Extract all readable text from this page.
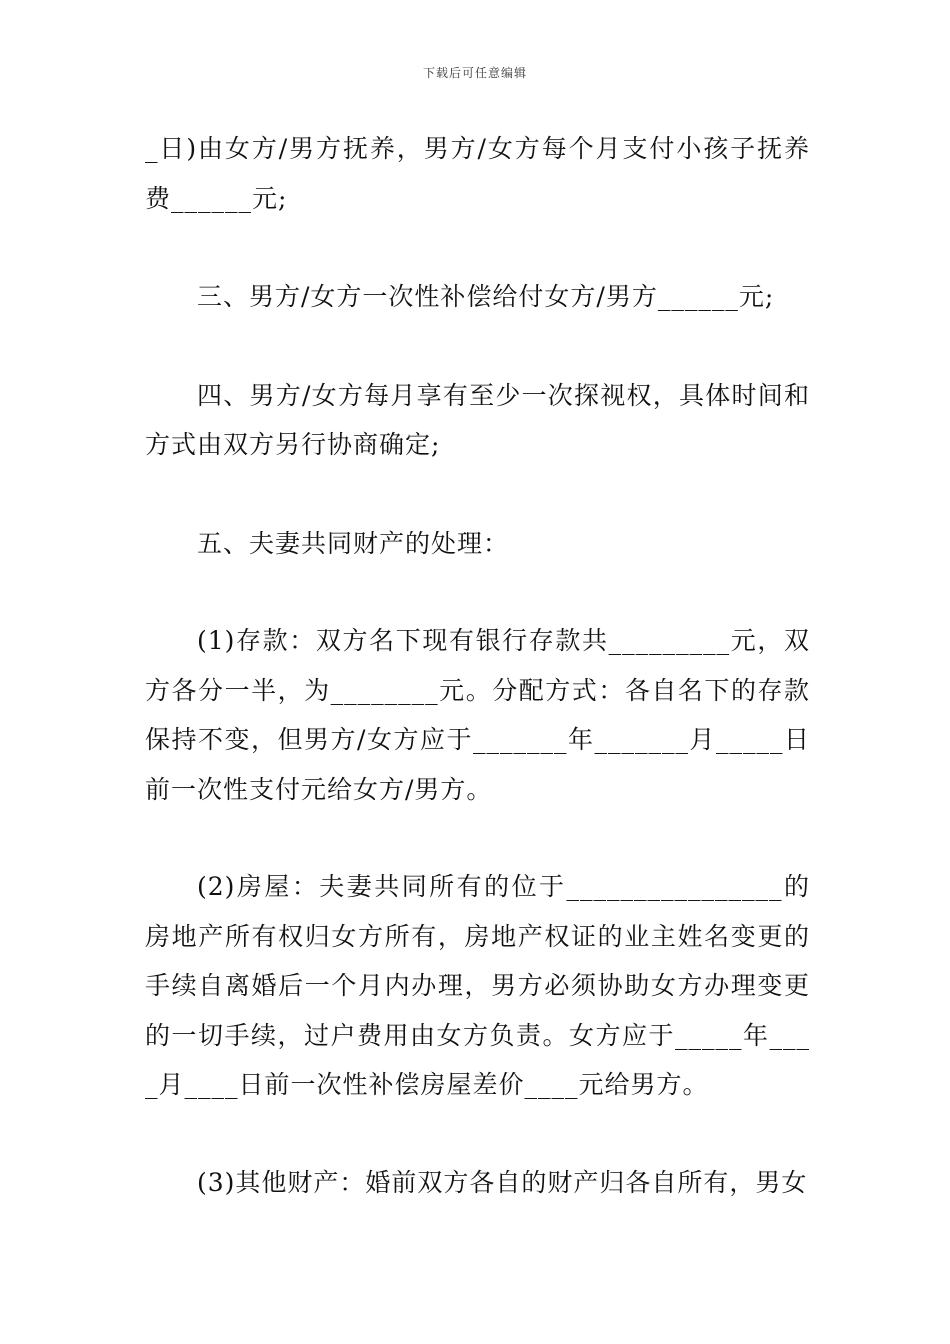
下载后可任意编辑

_日)由女方/男方抚养，男方/女方每个月支付小孩子抚养费______元;

三、男方/女方一次性补偿给付女方/男方______元;

四、男方/女方每月享有至少一次探视权，具体时间和方式由双方另行协商确定;

五、夫妻共同财产的处理：

(1)存款：双方名下现有银行存款共_________元，双方各分一半，为________元。分配方式：各自名下的存款保持不变，但男方/女方应于_______年_______月_____日前一次性支付元给女方/男方。

(2)房屋：夫妻共同所有的位于________________的房地产所有权归女方所有，房地产权证的业主姓名变更的手续自离婚后一个月内办理，男方必须协助女方办理变更的一切手续，过户费用由女方负责。女方应于_____年____月____日前一次性补偿房屋差价____元给男方。

(3)其他财产：婚前双方各自的财产归各自所有，男女
